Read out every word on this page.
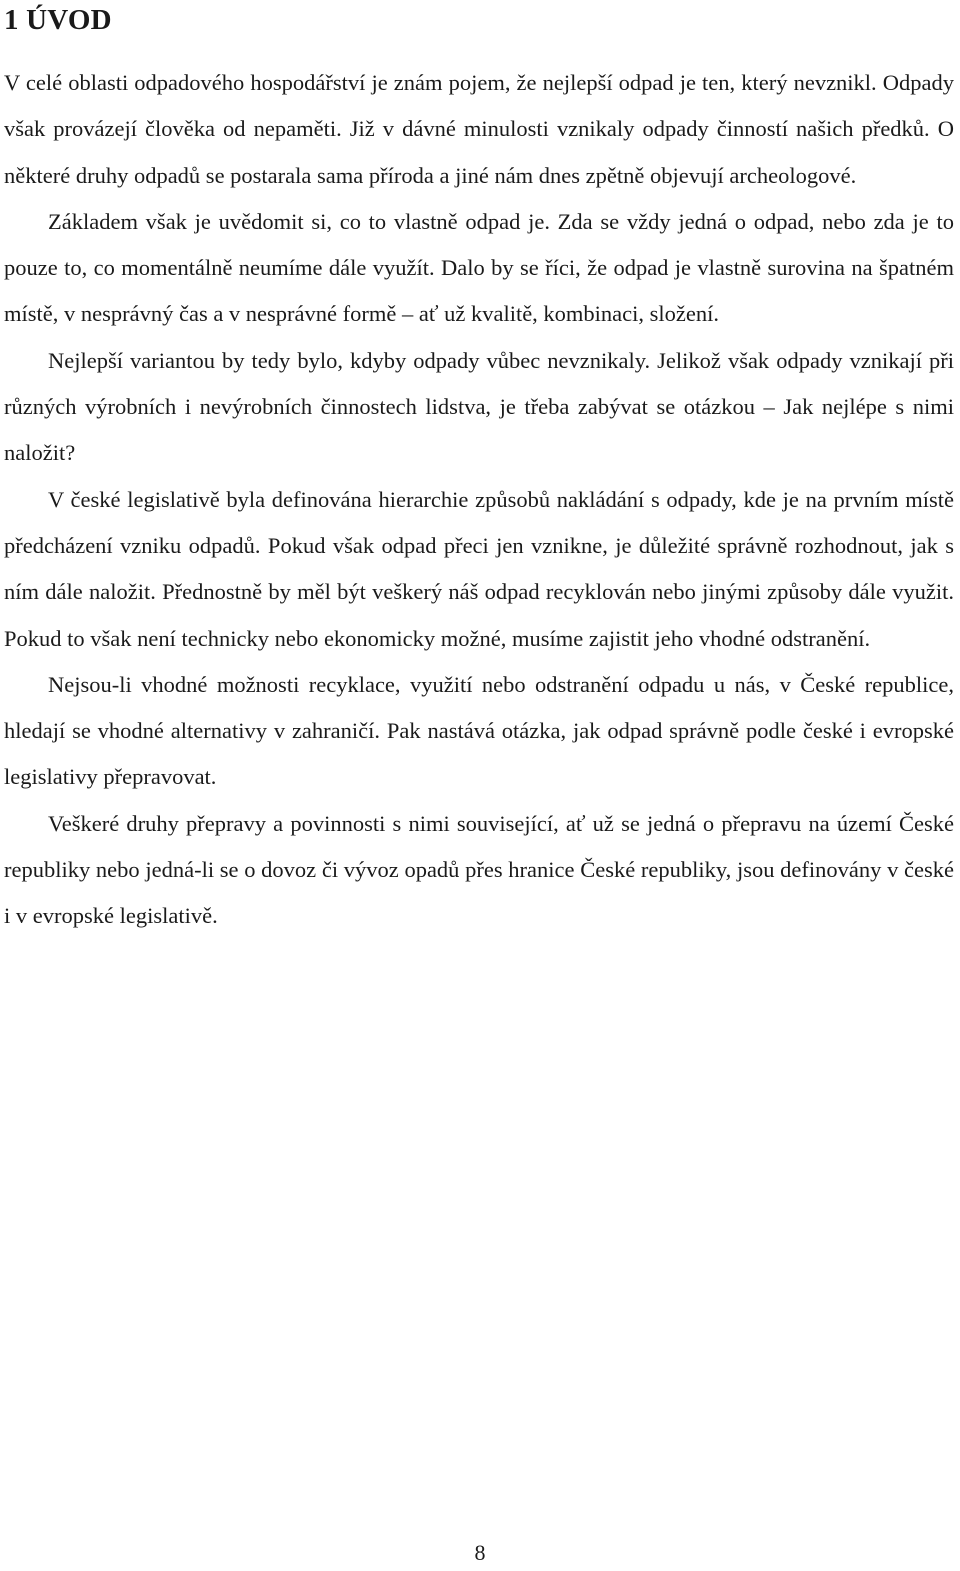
1 ÚVOD

V celé oblasti odpadového hospodářství je znám pojem, že nejlepší odpad je ten, který nevznikl. Odpady však provázejí člověka od nepaměti. Již v dávné minulosti vznikaly odpady činností našich předků. O některé druhy odpadů se postarala sama příroda a jiné nám dnes zpětně objevují archeologové.

Základem však je uvědomit si, co to vlastně odpad je. Zda se vždy jedná o odpad, nebo zda je to pouze to, co momentálně neumíme dále využít. Dalo by se říci, že odpad je vlastně surovina na špatném místě, v nesprávný čas a v nesprávné formě – ať už kvalitě, kombinaci, složení.

Nejlepší variantou by tedy bylo, kdyby odpady vůbec nevznikaly. Jelikož však odpady vznikají při různých výrobních i nevýrobních činnostech lidstva, je třeba zabývat se otázkou – Jak nejlépe s nimi naložit?

V české legislativě byla definována hierarchie způsobů nakládání s odpady, kde je na prvním místě předcházení vzniku odpadů. Pokud však odpad přeci jen vznikne, je důležité správně rozhodnout, jak s ním dále naložit. Přednostně by měl být veškerý náš odpad recyklován nebo jinými způsoby dále využit. Pokud to však není technicky nebo ekonomicky možné, musíme zajistit jeho vhodné odstranění.

Nejsou-li vhodné možnosti recyklace, využití nebo odstranění odpadu u nás, v České republice, hledají se vhodné alternativy v zahraničí. Pak nastává otázka, jak odpad správně podle české i evropské legislativy přepravovat.

Veškeré druhy přepravy a povinnosti s nimi související, ať už se jedná o přepravu na území České republiky nebo jedná-li se o dovoz či vývoz opadů přes hranice České republiky, jsou definovány v české i v evropské legislativě.

8
